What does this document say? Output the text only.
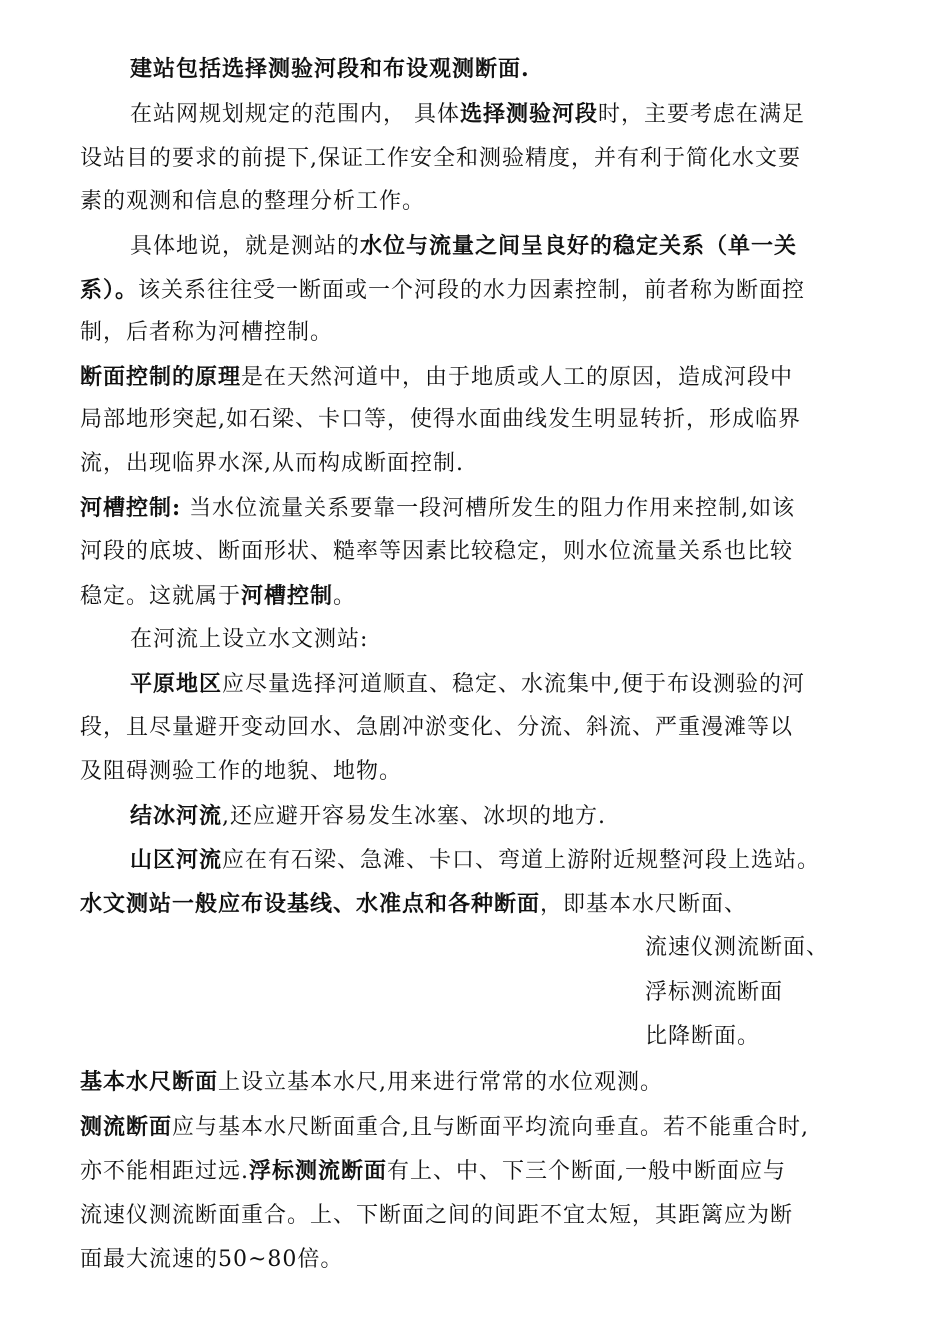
建站包括选择测验河段和布设观测断面.
在站网规划规定的范围内， 具体选择测验河段时，主要考虑在满足
设站目的要求的前提下,保证工作安全和测验精度，并有利于简化水文要
素的观测和信息的整理分析工作。
具体地说，就是测站的水位与流量之间呈良好的稳定关系（单一关
系）。该关系往往受一断面或一个河段的水力因素控制，前者称为断面控
制，后者称为河槽控制。
断面控制的原理是在天然河道中，由于地质或人工的原因，造成河段中
局部地形突起,如石梁、卡口等，使得水面曲线发生明显转折，形成临界
流，出现临界水深,从而构成断面控制.
河槽控制: 当水位流量关系要靠一段河槽所发生的阻力作用来控制,如该
河段的底坡、断面形状、糙率等因素比较稳定，则水位流量关系也比较
稳定。这就属于河槽控制。
在河流上设立水文测站:
平原地区应尽量选择河道顺直、稳定、水流集中,便于布设测验的河
段，且尽量避开变动回水、急剧冲淤变化、分流、斜流、严重漫滩等以
及阻碍测验工作的地貌、地物。
结冰河流,还应避开容易发生冰塞、冰坝的地方.
山区河流应在有石梁、急滩、卡口、弯道上游附近规整河段上选站。
水文测站一般应布设基线、水准点和各种断面，即基本水尺断面、
流速仪测流断面、
浮标测流断面
比降断面。
基本水尺断面上设立基本水尺,用来进行常常的水位观测。
测流断面应与基本水尺断面重合,且与断面平均流向垂直。若不能重合时,
亦不能相距过远.浮标测流断面有上、中、下三个断面,一般中断面应与
流速仪测流断面重合。上、下断面之间的间距不宜太短，其距篱应为断
面最大流速的50~80倍。
